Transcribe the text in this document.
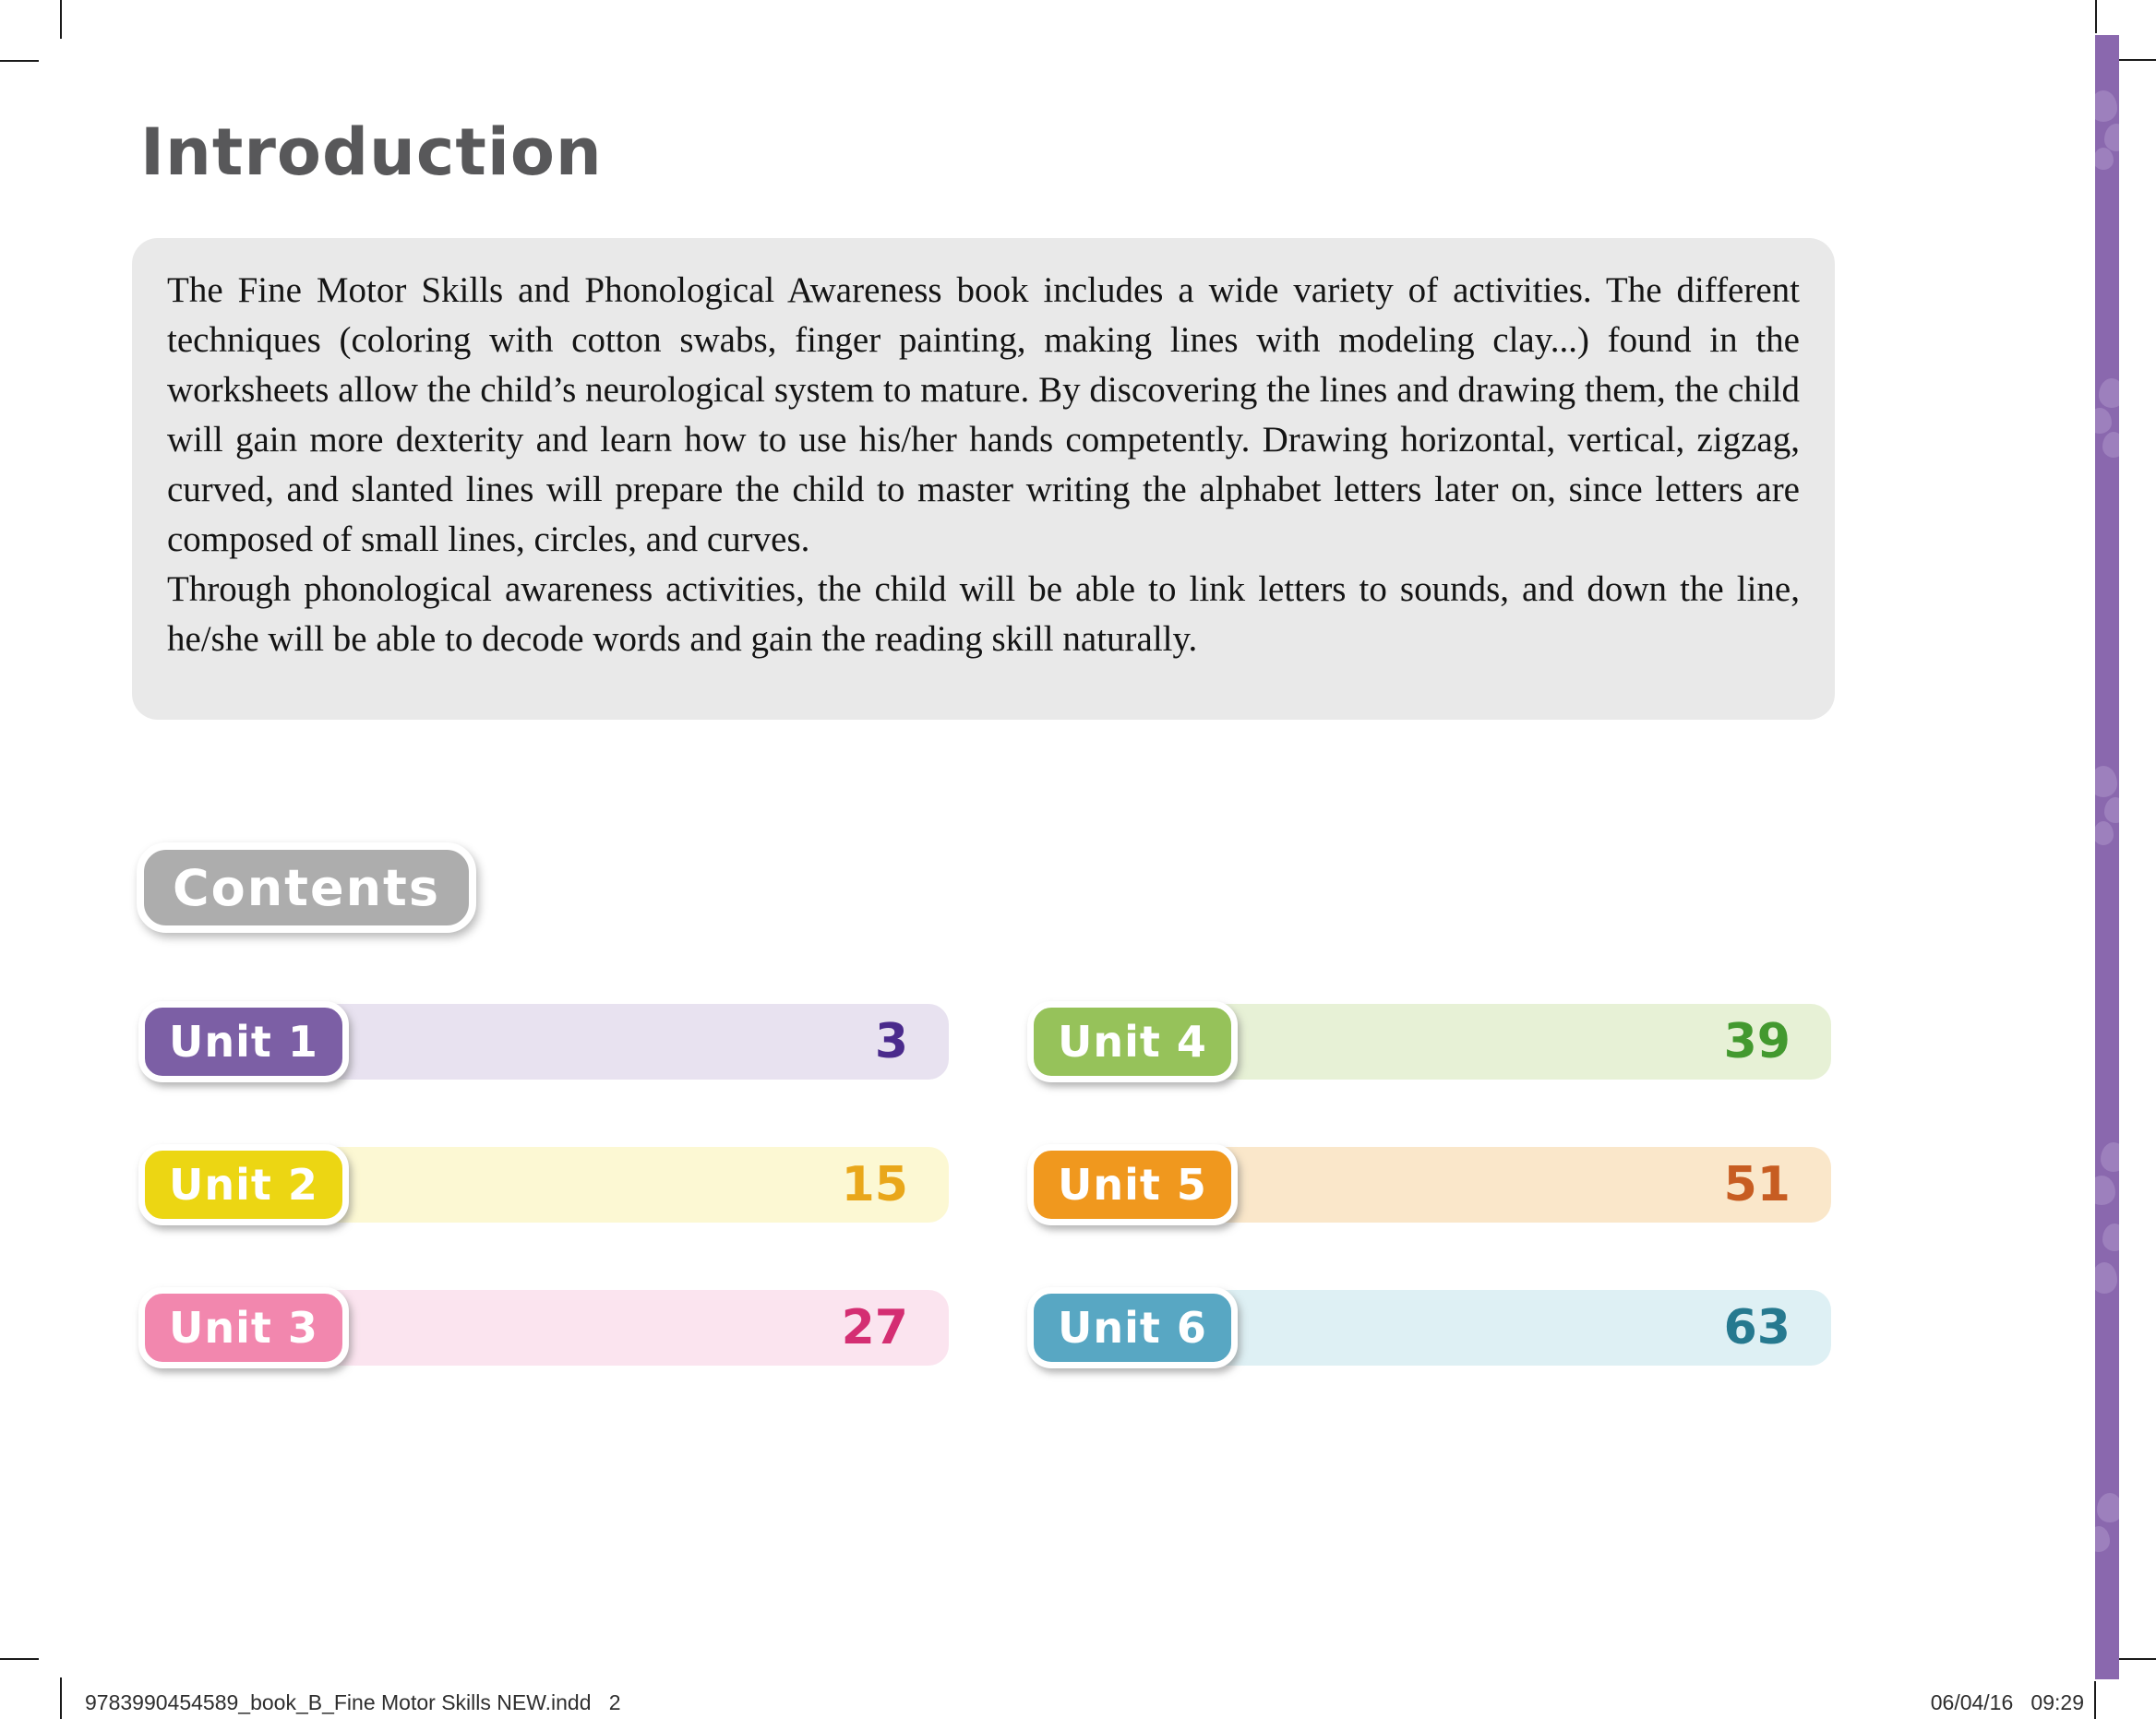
Introduction

The Fine Motor Skills and Phonological Awareness book includes a wide variety of activities. The different techniques (coloring with cotton swabs, finger painting, making lines with modeling clay...) found in the worksheets allow the child’s neurological system to mature. By discovering the lines and drawing them, the child will gain more dexterity and learn how to use his/her hands competently. Drawing horizontal, vertical, zigzag, curved, and slanted lines will prepare the child to master writing the alphabet letters later on, since letters are composed of small lines, circles, and curves.

Through phonological awareness activities, the child will be able to link letters to sounds, and down the line, he/she will be able to decode words and gain the reading skill naturally.

Contents
3
Unit 1
15
Unit 2
27
Unit 3
39
Unit 4
51
Unit 5
63
Unit 6
9783990454589_book_B_Fine Motor Skills NEW.indd   2	06/04/16   09:29
